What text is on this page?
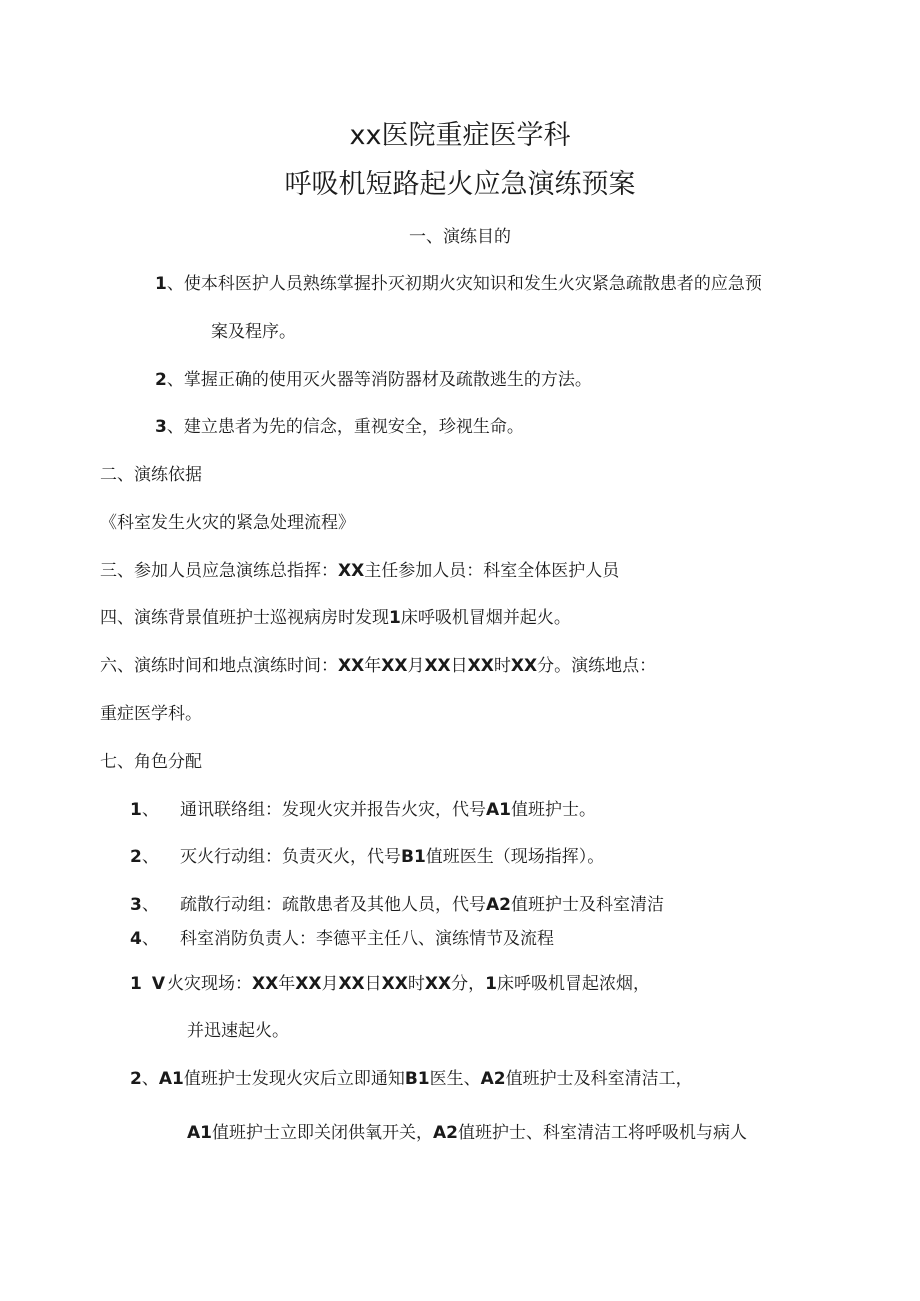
xx医院重症医学科
呼吸机短路起火应急演练预案
一、演练目的
1、使本科医护人员熟练掌握扑灭初期火灾知识和发生火灾紧急疏散患者的应急预
案及程序。
2、掌握正确的使用灭火器等消防器材及疏散逃生的方法。
3、建立患者为先的信念，重视安全，珍视生命。
二、演练依据
《科室发生火灾的紧急处理流程》
三、参加人员应急演练总指挥：XX主任参加人员：科室全体医护人员
四、演练背景值班护士巡视病房时发现1床呼吸机冒烟并起火。
六、演练时间和地点演练时间：XX年XX月XX日XX时XX分。演练地点：
重症医学科。
七、角色分配
1、 通讯联络组：发现火灾并报告火灾，代号A1值班护士。
2、 灭火行动组：负责灭火，代号B1值班医生（现场指挥）。
3、 疏散行动组：疏散患者及其他人员，代号A2值班护士及科室清洁
4、 科室消防负责人：李德平主任八、演练情节及流程
1 V 火灾现场：XX年XX月XX日XX时XX分，1床呼吸机冒起浓烟，
并迅速起火。
2、A1值班护士发现火灾后立即通知B1医生、A2值班护士及科室清洁工，
A1值班护士立即关闭供氧开关，A2值班护士、科室清洁工将呼吸机与病人
